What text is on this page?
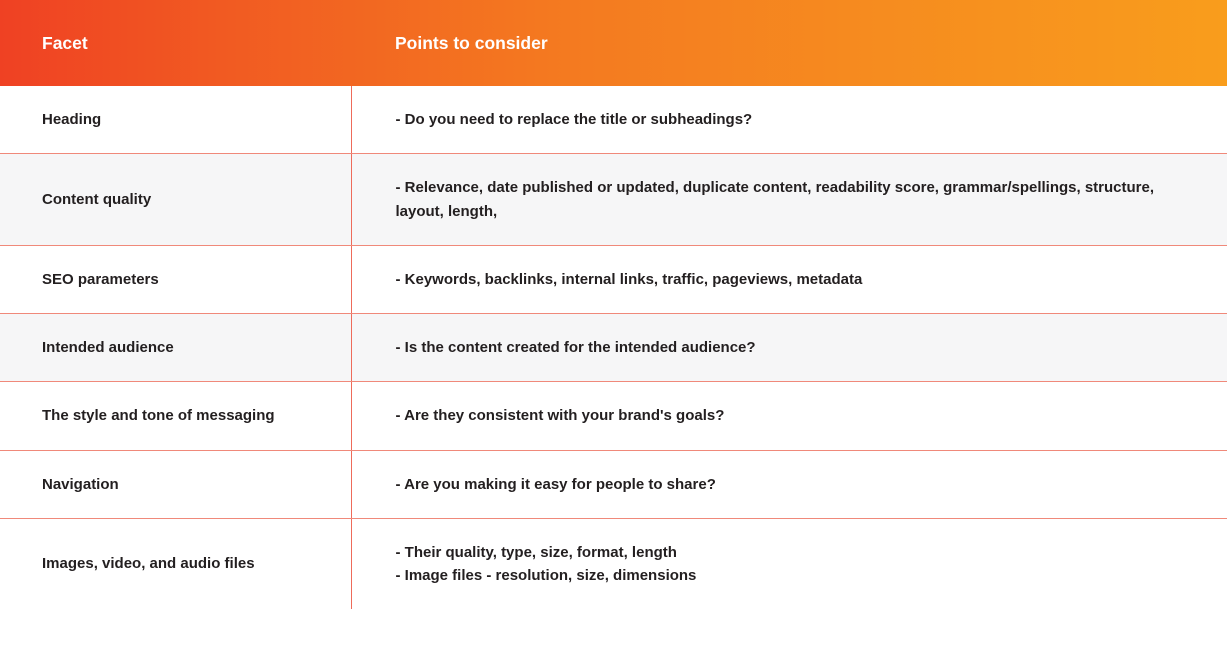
Facet	Points to consider
Heading	- Do you need to replace the title or subheadings?

Content quality	- Relevance, date published or updated, duplicate content, readability score, grammar/spellings, structure, layout, length,

SEO parameters	- Keywords, backlinks, internal links, traffic, pageviews, metadata

Intended audience	- Is the content created for the intended audience?

The style and tone of messaging	- Are they consistent with your brand's goals?

Navigation	- Are you making it easy for people to share?

Images, video, and audio files	- Their quality, type, size, format, length
- Image files - resolution, size, dimensions
